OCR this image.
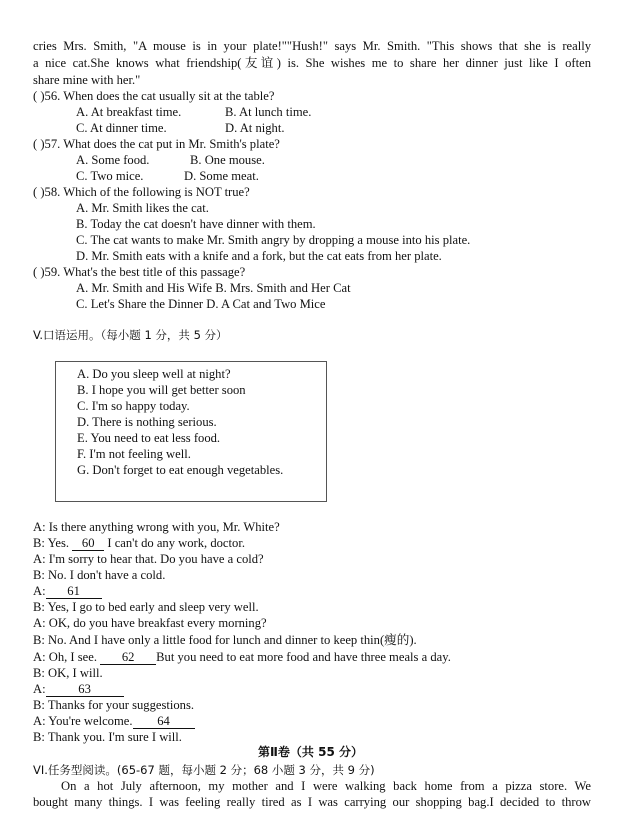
cries Mrs. Smith, "A mouse is in your plate!""Hush!" says Mr. Smith. "This shows that she is really
a nice cat.She knows what friendship(友谊) is. She wishes me to share her dinner just like I often
share mine with her."
( )56. When does the cat usually sit at the table?
A. At breakfast time.	B. At lunch time.
C. At dinner time.	D. At night.
( )57. What does the cat put in Mr. Smith's plate?
A. Some food.	B. One mouse.
C. Two mice.	D. Some meat.
( )58. Which of the following is NOT true?
A. Mr. Smith likes the cat.
B. Today the cat doesn't have dinner with them.
C. The cat wants to make Mr. Smith angry by dropping a mouse into his plate.
D. Mr. Smith eats with a knife and a fork, but the cat eats from her plate.
( )59. What's the best title of this passage?
A. Mr. Smith and His Wife B. Mrs. Smith and Her Cat
C. Let's Share the Dinner D. A Cat and Two Mice
V.口语运用。（每小题 1 分，共 5 分）
A. Do you sleep well at night?
B. I hope you will get better soon
C. I'm so happy today.
D. There is nothing serious.
E. You need to eat less food.
F. I'm not feeling well.
G. Don't forget to eat enough vegetables.
A: Is there anything wrong with you, Mr. White?
B: Yes. 60 I can't do any work, doctor.
A: I'm sorry to hear that. Do you have a cold?
B: No. I don't have a cold.
A: 61
B: Yes, I go to bed early and sleep very well.
A: OK, do you have breakfast every morning?
B: No. And I have only a little food for lunch and dinner to keep thin(瘦的).
A: Oh, I see. 62 But you need to eat more food and have three meals a day.
B: OK, I will.
A:	63
B: Thanks for your suggestions.
A: You're welcome. 64
B: Thank you. I'm sure I will.
第Ⅱ卷（共 55 分）
VI.任务型阅读。(65-67 题，每小题 2 分；68 小题 3 分，共 9 分)
On a hot July afternoon, my mother and I were walking back home from a pizza store. We
bought many things. I was feeling really tired as I was carrying our shopping bag.I decided to throw
